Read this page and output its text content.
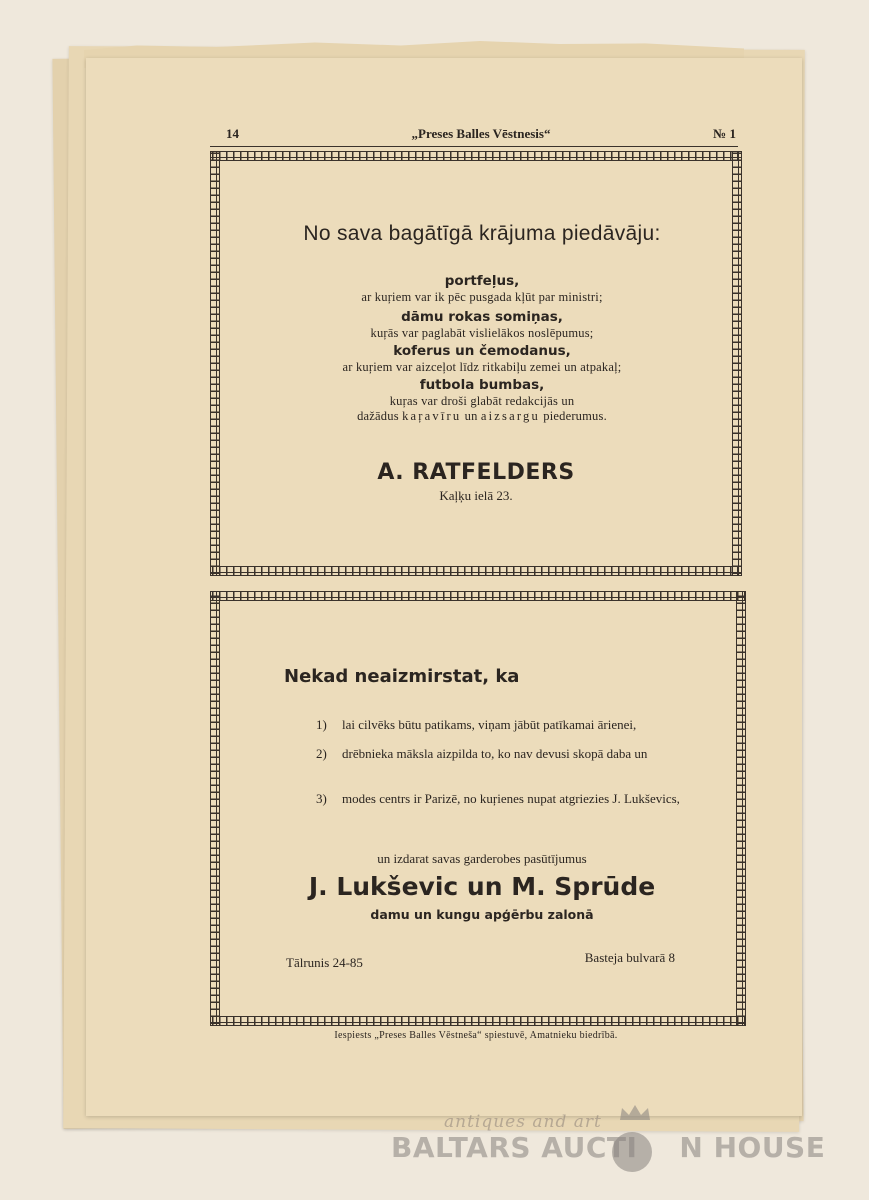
14	„Preses Balles Vēstnesis“	№ 1
No sava bagātīgā krājuma piedāvāju:
portfeļus,
ar kuŗiem var ik pēc pusgada kļūt par ministri;
dāmu rokas somiņas,
kuŗās var paglabāt vislielākos noslēpumus;
koferus un čemodanus,
ar kuŗiem var aizceļot līdz ritkabiļu zemei un atpakaļ;
futbola bumbas,
kuŗas var droši glabāt redakcijās un
dažādus kaŗavīru un aizsargu piederumus.
A. RATFELDERS
Kaļķu ielā 23.
Nekad neaizmirstat, ka
1) lai cilvēks būtu patikams, viņam jābūt patīkamai ārienei,
2) drēbnieka māksla aizpilda to, ko nav devusi skopā daba un
3) modes centrs ir Parizē, no kuŗienes nupat atgriezies J. Lukševics,
un izdarat savas garderobes pasūtījumus
J. Lukševic un M. Sprūde
damu un kungu apģērbu zalonā
Tālrunis 24-85	Basteja bulvarā 8
Iespiests „Preses Balles Vēstneša“ spiestuvē, Amatnieku biedrībā.
antiques and art
BALTARS AUCTI N HOUSE
